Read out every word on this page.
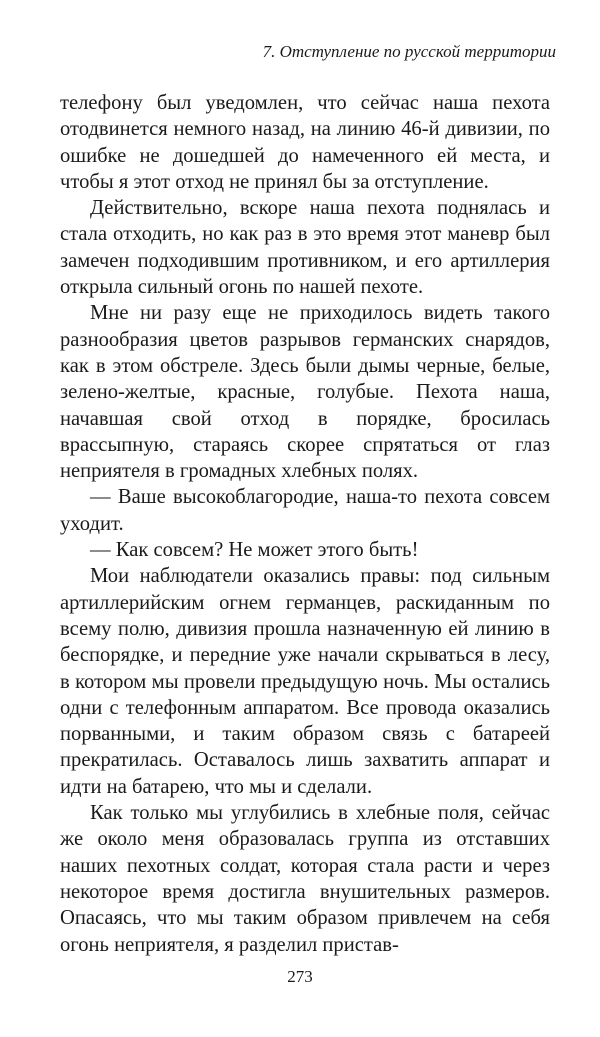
7. Отступление по русской территории

телефону был уведомлен, что сейчас наша пехота отодвинется немного назад, на линию 46-й дивизии, по ошибке не дошедшей до намеченного ей места, и чтобы я этот отход не принял бы за отступление.

Действительно, вскоре наша пехота поднялась и стала отходить, но как раз в это время этот маневр был замечен подходившим противником, и его артиллерия открыла сильный огонь по нашей пехоте.

Мне ни разу еще не приходилось видеть такого разнообразия цветов разрывов германских снарядов, как в этом обстреле. Здесь были дымы черные, белые, зелено-желтые, красные, голубые. Пехота наша, начавшая свой отход в порядке, бросилась врассыпную, стараясь скорее спрятаться от глаз неприятеля в громадных хлебных полях.

— Ваше высокоблагородие, наша-то пехота совсем уходит.

— Как совсем? Не может этого быть!

Мои наблюдатели оказались правы: под сильным артиллерийским огнем германцев, раскиданным по всему полю, дивизия прошла назначенную ей линию в беспорядке, и передние уже начали скрываться в лесу, в котором мы провели предыдущую ночь. Мы остались одни с телефонным аппаратом. Все провода оказались порванными, и таким образом связь с батареей прекратилась. Оставалось лишь захватить аппарат и идти на батарею, что мы и сделали.

Как только мы углубились в хлебные поля, сейчас же около меня образовалась группа из отставших наших пехотных солдат, которая стала расти и через некоторое время достигла внушительных размеров. Опасаясь, что мы таким образом привлечем на себя огонь неприятеля, я разделил пристав-

273
